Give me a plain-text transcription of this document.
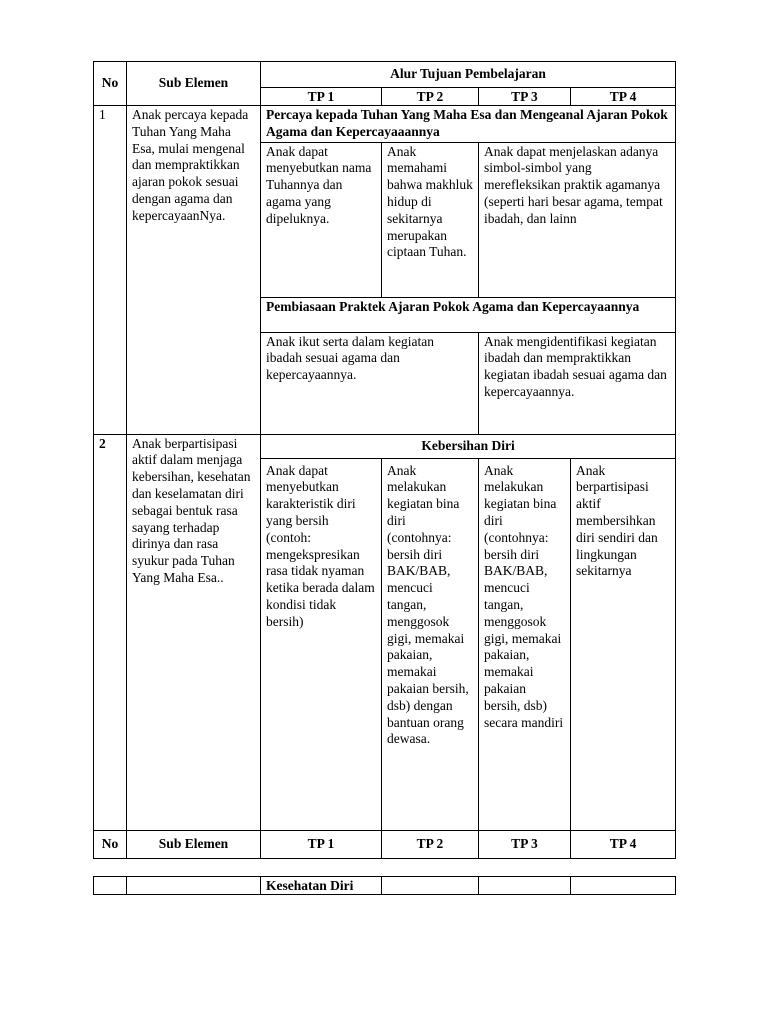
No	Sub Elemen	Alur Tujuan Pembelajaran			
		TP 1	TP 2	TP 3	TP 4
1	Anak percaya kepada Tuhan Yang Maha Esa, mulai mengenal dan mempraktikkan ajaran pokok sesuai dengan agama dan kepercayaanNya.	Percaya kepada Tuhan Yang Maha Esa dan Mengeanal Ajaran Pokok Agama dan Kepercayaaannya			
		Anak dapat menyebutkan nama Tuhannya dan agama yang dipeluknya.	Anak memahami bahwa makhluk hidup di sekitarnya merupakan ciptaan Tuhan.	Anak dapat menjelaskan adanya simbol-simbol yang merefleksikan praktik agamanya (seperti hari besar agama, tempat ibadah, dan lainn	
		Pembiasaan Praktek Ajaran Pokok Agama dan Kepercayaannya			
		Anak ikut serta dalam kegiatan ibadah sesuai agama dan kepercayaannya.		Anak mengidentifikasi kegiatan ibadah dan mempraktikkan kegiatan ibadah sesuai agama dan kepercayaannya.	
2	Anak berpartisipasi aktif dalam menjaga kebersihan, kesehatan dan keselamatan diri sebagai bentuk rasa sayang terhadap dirinya dan rasa syukur pada Tuhan Yang Maha Esa..	Kebersihan Diri			
		Anak dapat menyebutkan karakteristik diri yang bersih (contoh: mengekspresikan rasa tidak nyaman ketika berada dalam kondisi tidak bersih)	Anak melakukan kegiatan bina diri (contohnya: bersih diri BAK/BAB, mencuci tangan, menggosok gigi, memakai pakaian, memakai pakaian bersih, dsb) dengan bantuan orang dewasa.	Anak melakukan kegiatan bina diri (contohnya: bersih diri BAK/BAB, mencuci tangan, menggosok gigi, memakai pakaian, memakai pakaian bersih, dsb) secara mandiri	Anak berpartisipasi aktif membersihkan diri sendiri dan lingkungan sekitarnya
No	Sub Elemen	TP 1	TP 2	TP 3	TP 4
		Kesehatan Diri			
